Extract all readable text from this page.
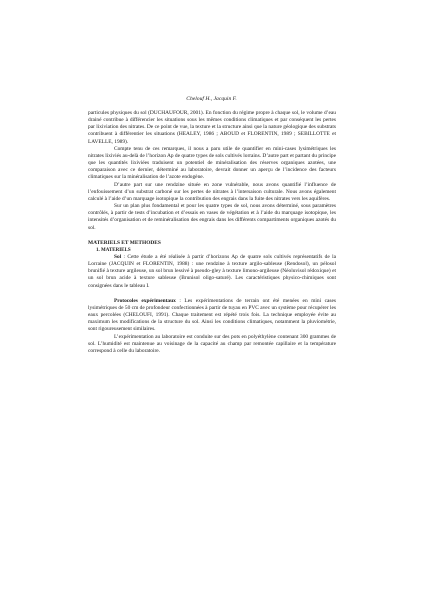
Chelouf H., Jacquin F.

particules physiques du sol (DUCHAUFOUR, 2001). En fonction du régime propre à chaque sol, le volume d’eau drainé contribue à différencier les situations sous les mêmes conditions climatiques et par conséquent les pertes par lixiviation des nitrates. De ce point de vue, la texture et la structure ainsi que la nature géologique des substrats contribuent à différentier les situations (HEALEY, 1986 ; ABOUD et FLORENTIN, 1989 ; SEBILLOTTE et LAVELLE, 1989).

Compte tenu de ces remarques, il nous a paru utile de quantifier en mini-cases lysimétriques les nitrates lixiviés au-delà de l’horizon Ap de quatre types de sols cultivés lorrains. D’autre part et partant du principe que les quantités lixiviées traduisent un potentiel de minéralisation des réserves organiques azotées, une comparaison avec ce dernier, déterminé au laboratoire, devrait donner un aperçu de l’incidence des facteurs climatiques sur la minéralisation de l’azote endogène.

D’autre part sur une rendzine située en zone vulnérable, nous avons quantifié l’influence de l’enfouissement d’un substrat carboné sur les pertes de nitrates à l’intersaison culturale. Nous avons également calculé à l’aide d’un marquage isotopique la contribution des engrais dans la fuite des nitrates vers les aquifères.

Sur un plan plus fondamental et pour les quatre types de sol, nous avons déterminé, sous paramètres contrôlés, à partir de tests d’incubation et d’essais en vases de végétation et à l’aide du marquage isotopique, les intensités d’organisation et de reminéralisation des engrais dans les différents compartiments organiques azotés du sol.

MATERIELS ET METHODES

1. MATERIELS

Sol : Cette étude a été réalisée à partir d’horizons Ap de quatre sols cultivés représentatifs de la Lorraine (JACQUIN et FLORENTIN, 1988) : une rendzine à texture argilo-sableuse (Rendosol), un pélosol brunifié à texture argileuse, un sol brun lessivé à pseudo-gley à texture limono-argileuse (Néoluvisol rédoxique) et un sol brun acide à texture sableuse (Brunisol oligo-saturé). Les caractéristiques physico-chimiques sont consignées dans le tableau I.

Protocoles expérimentaux : Les expérimentations de terrain ont été menées en mini cases lysimétriques de 50 cm de profondeur confectionnées à partir de tuyau en PVC avec un système pour récupérer les eaux percolées (CHELOUFI, 1991). Chaque traitement est répété trois fois. La technique employée évite au maximum les modifications de la structure du sol. Ainsi les conditions climatiques, notamment la pluviométrie, sont rigoureusement similaires.

L’expérimentation au laboratoire est conduite sur des pots en polyéthylène contenant 300 grammes de sol. L’humidité est maintenue au voisinage de la capacité au champ par remontée capillaire et la température correspond à celle du laboratoire.
